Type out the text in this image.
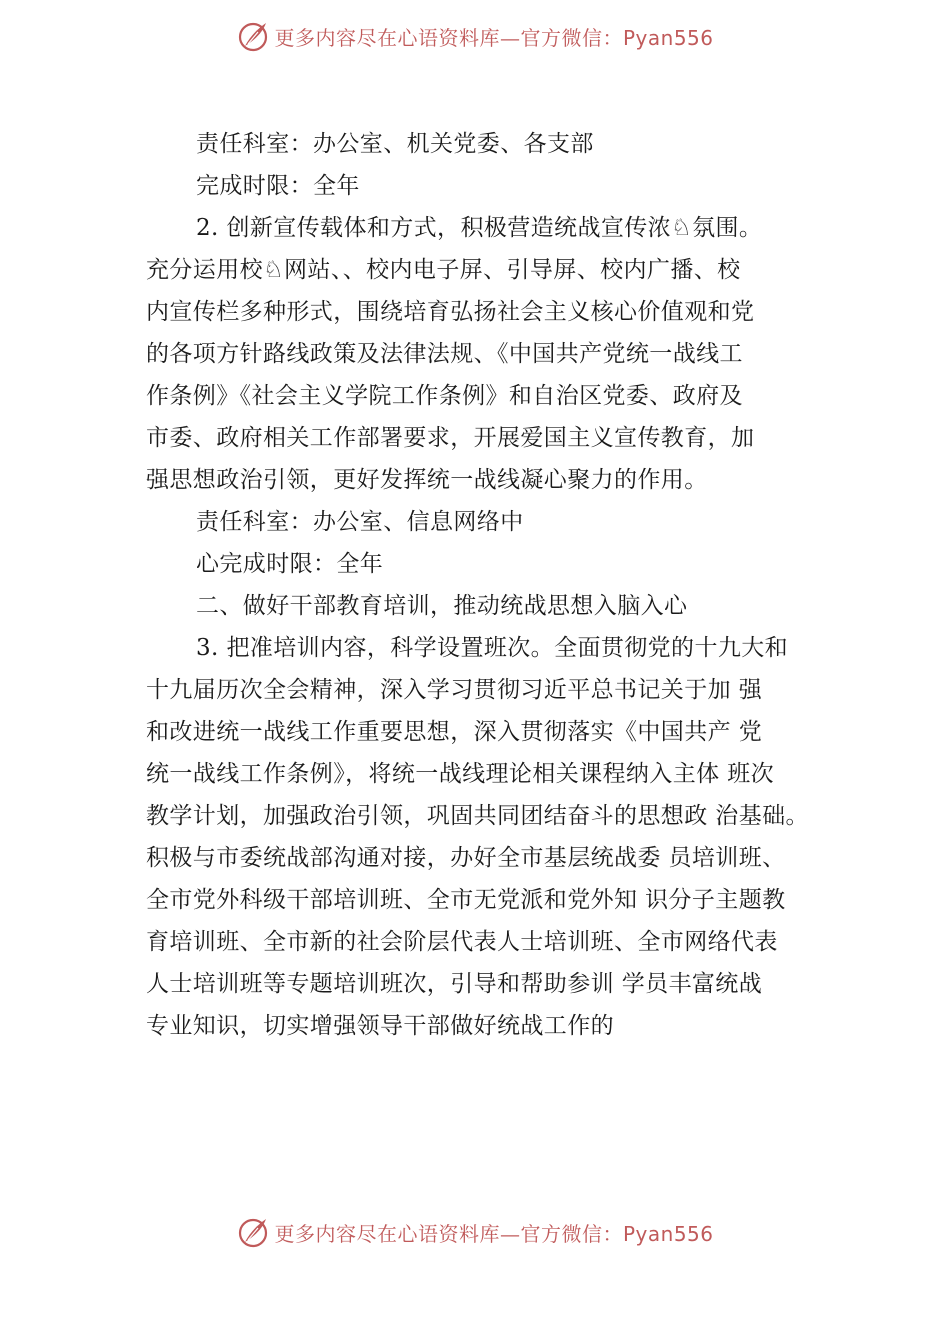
更多内容尽在心语资料库—官方微信：Pyan556
责任科室：办公室、机关党委、各支部
完成时限：全年
2. 创新宣传载体和方式，积极营造统战宣传浓♘氛围。
充分运用校♘网站、、校内电子屏、引导屏、校内广播、校
内宣传栏多种形式，围绕培育弘扬社会主义核心价值观和党
的各项方针路线政策及法律法规、《中国共产党统一战线工
作条例》《社会主义学院工作条例》和自治区党委、政府及
市委、政府相关工作部署要求，开展爱国主义宣传教育，加
强思想政治引领，更好发挥统一战线凝心聚力的作用。
责任科室：办公室、信息网络中
心完成时限：全年
二、做好干部教育培训，推动统战思想入脑入心
3. 把准培训内容，科学设置班次。全面贯彻党的十九大和
十九届历次全会精神，深入学习贯彻习近平总书记关于加 强
和改进统一战线工作重要思想，深入贯彻落实《中国共产 党
统一战线工作条例》，将统一战线理论相关课程纳入主体 班次
教学计划，加强政治引领，巩固共同团结奋斗的思想政 治基础。
积极与市委统战部沟通对接，办好全市基层统战委 员培训班、
全市党外科级干部培训班、全市无党派和党外知 识分子主题教
育培训班、全市新的社会阶层代表人士培训班、全市网络代表
人士培训班等专题培训班次，引导和帮助参训 学员丰富统战
专业知识，切实增强领导干部做好统战工作的
更多内容尽在心语资料库—官方微信：Pyan556
